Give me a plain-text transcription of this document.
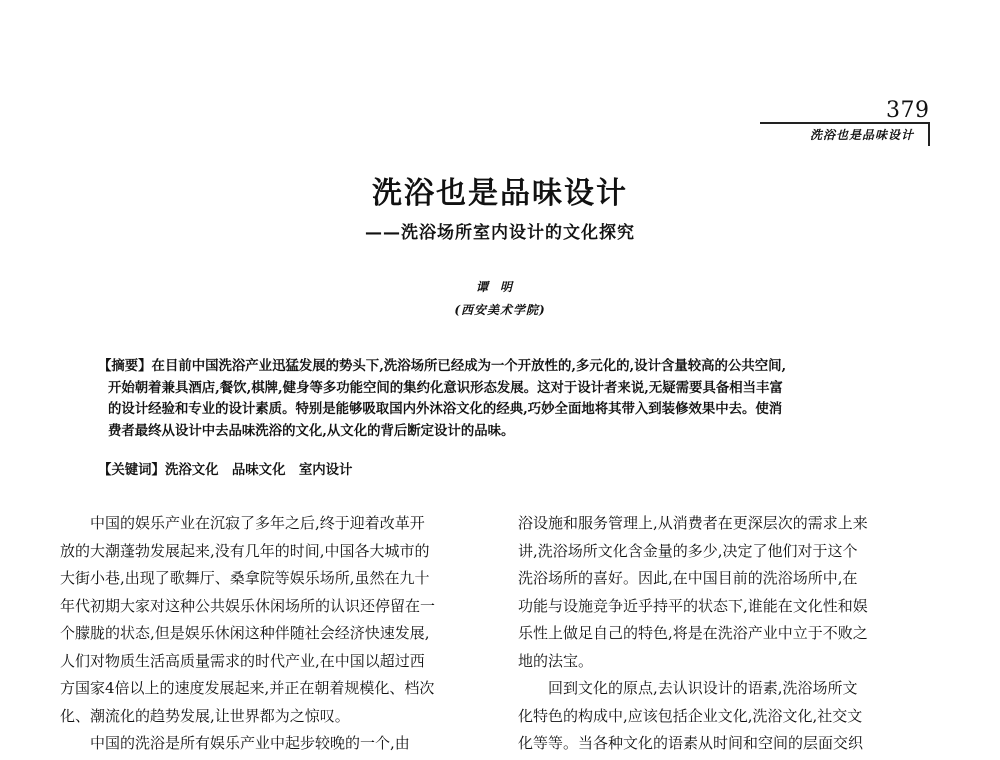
379
洗浴也是品味设计
洗浴也是品味设计
——洗浴场所室内设计的文化探究
谭明
(西安美术学院)
【摘要】在目前中国洗浴产业迅猛发展的势头下,洗浴场所已经成为一个开放性的,多元化的,设计含量较高的公共空间,
开始朝着兼具酒店,餐饮,棋牌,健身等多功能空间的集约化意识形态发展。这对于设计者来说,无疑需要具备相当丰富
的设计经验和专业的设计素质。特别是能够吸取国内外沐浴文化的经典,巧妙全面地将其带入到装修效果中去。使消
费者最终从设计中去品味洗浴的文化,从文化的背后断定设计的品味。
【关键词】洗浴文化　品味文化　室内设计
中国的娱乐产业在沉寂了多年之后,终于迎着改革开
放的大潮蓬勃发展起来,没有几年的时间,中国各大城市的
大街小巷,出现了歌舞厅、桑拿院等娱乐场所,虽然在九十
年代初期大家对这种公共娱乐休闲场所的认识还停留在一
个朦胧的状态,但是娱乐休闲这种伴随社会经济快速发展,
人们对物质生活高质量需求的时代产业,在中国以超过西
方国家4倍以上的速度发展起来,并正在朝着规模化、档次
化、潮流化的趋势发展,让世界都为之惊叹。
中国的洗浴是所有娱乐产业中起步较晚的一个,由
浴设施和服务管理上,从消费者在更深层次的需求上来
讲,洗浴场所文化含金量的多少,决定了他们对于这个
洗浴场所的喜好。因此,在中国目前的洗浴场所中,在
功能与设施竞争近乎持平的状态下,谁能在文化性和娱
乐性上做足自己的特色,将是在洗浴产业中立于不败之
地的法宝。
回到文化的原点,去认识设计的语素,洗浴场所文
化特色的构成中,应该包括企业文化,洗浴文化,社交文
化等等。当各种文化的语素从时间和空间的层面交织
